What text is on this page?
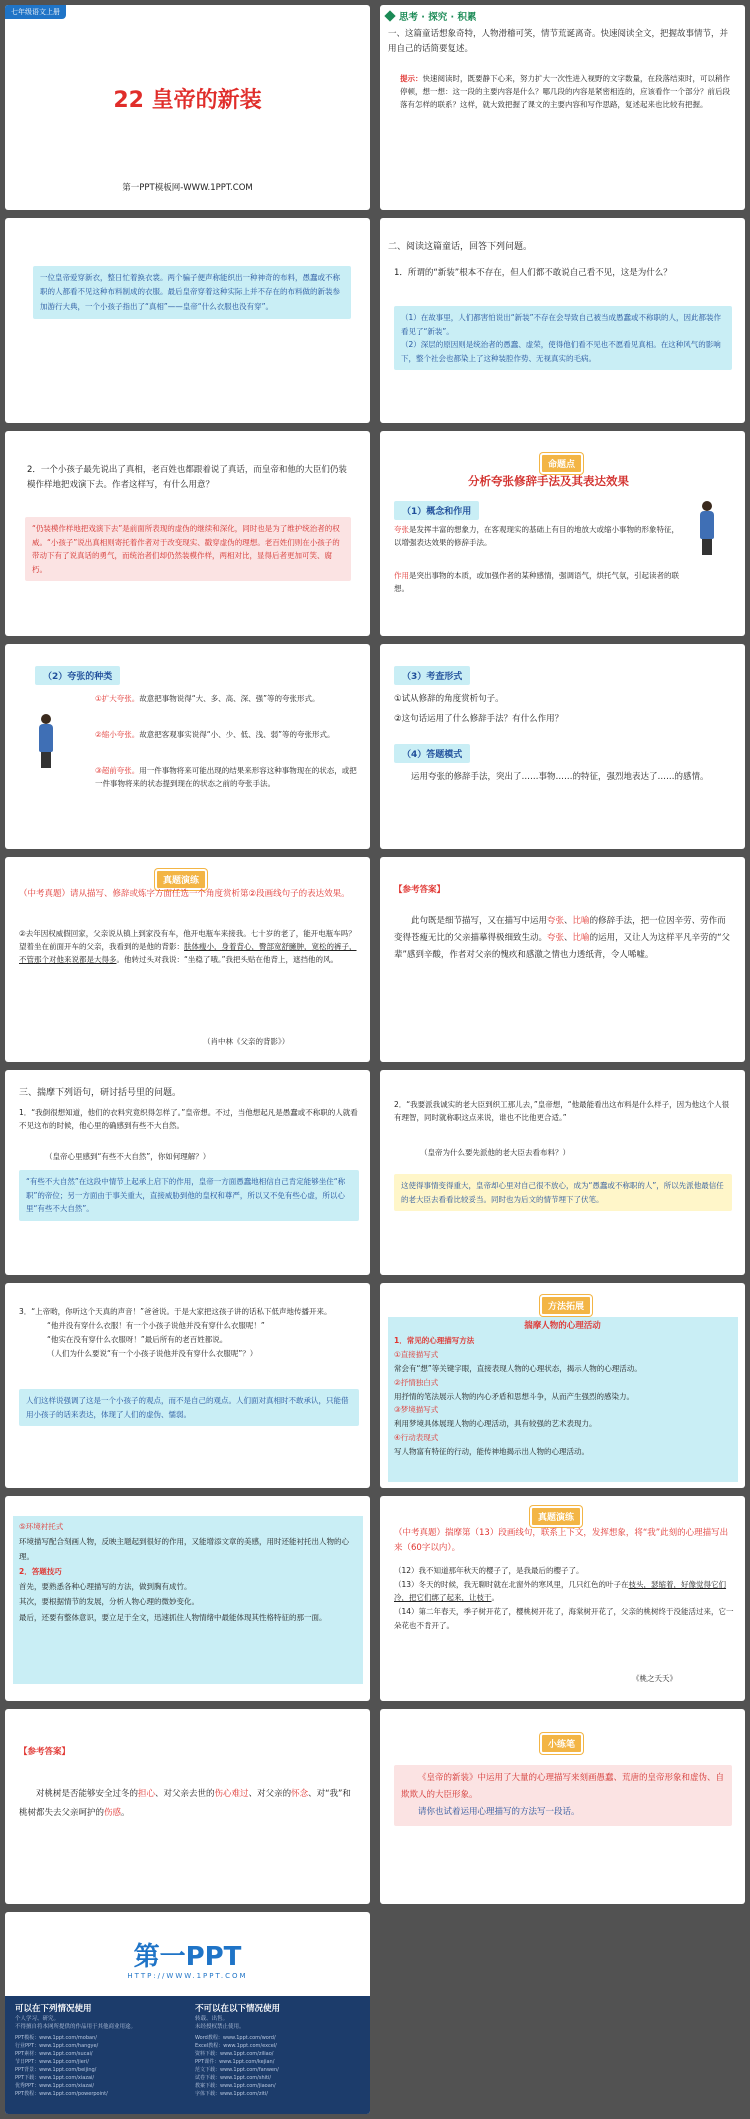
七年级语文上册
22 皇帝的新装
第一PPT模板网-WWW.1PPT.COM
思考 · 探究 · 积累
一、这篇童话想象奇特，人物滑稽可笑，情节荒诞离奇。快速阅读全文，把握故事情节，并用自己的话简要复述。
提示：快速阅读时，既要静下心来，努力扩大一次性进入视野的文字数量，在段落结束时，可以稍作停顿，想一想：这一段的主要内容是什么？哪几段的内容是紧密相连的，应该看作一个部分？前后段落有怎样的联系？这样，就大致把握了课文的主要内容和写作思路，复述起来也比较有把握。
一位皇帝爱穿新衣，整日忙着换衣裳。两个骗子便声称能织出一种神奇的布料，愚蠢或不称职的人都看不见这种布料制成的衣服。最后皇帝穿着这种实际上并不存在的布料做的新装参加游行大典，一个小孩子指出了“真相”——皇帝“什么衣服也没有穿”。
二、阅读这篇童话，回答下列问题。
1．所谓的“新装”根本不存在，但人们都不敢说自己看不见，这是为什么？

（1）在故事里，人们都害怕说出“新装”不存在会导致自己被当成愚蠢或不称职的人，因此都装作看见了“新装”。

（2）深层的原因则是统治者的愚蠢、虚荣，使得他们看不见也不愿看见真相。在这种风气的影响下，整个社会也都染上了这种装腔作势、无视真实的毛病。

2．一个小孩子最先说出了真相，老百姓也都跟着说了真话，而皇帝和他的大臣们仍装模作样地把戏演下去。作者这样写，有什么用意？
“仍装模作样地把戏演下去”是前面所表现的虚伪的继续和深化，同时也是为了维护统治者的权威。“小孩子”说出真相则寄托着作者对于改变现实、戳穿虚伪的理想。老百姓们则在小孩子的带动下有了说真话的勇气，而统治者们却仍然装模作样，两相对比，显得后者更加可笑、腐朽。
命题点
分析夸张修辞手法及其表达效果
（1）概念和作用
夸张是发挥丰富的想象力，在客观现实的基础上有目的地放大或缩小事物的形象特征，以增强表达效果的修辞手法。
作用是突出事物的本质，或加强作者的某种感情，强调语气，烘托气氛，引起读者的联想。
（2）夸张的种类
①扩大夸张。故意把事物说得“大、多、高、深、强”等的夸张形式。
②缩小夸张。故意把客观事实说得“小、少、低、浅、弱”等的夸张形式。
③超前夸张。用一件事物将来可能出现的结果来形容这种事物现在的状态，或把一件事物将来的状态提到现在的状态之前的夸张手法。
（3）考查形式
①试从修辞的角度赏析句子。
②这句话运用了什么修辞手法？有什么作用？
（4）答题模式
运用夸张的修辞手法，突出了……事物……的特征，强烈地表达了……的感情。
真题演练
（中考真题）请从描写、修辞或炼字方面任选一个角度赏析第②段画线句子的表达效果。
②去年因权威假回家，父亲说从镇上到家没有车，他开电瓶车来接我。七十岁的老了，能开电瓶车吗？望着坐在前面开车的父亲，我看到的是他的背影：肤体瘦小，身着背心，臀部宽舒臃肿，宽松的裤子，不管那个对他来说都是大得多。他转过头对我说：“坐稳了哦。”我把头贴在他背上，遮挡他的风。
（肖中林《父亲的背影》）
【参考答案】
此句既是细节描写，又在描写中运用夸张、比喻的修辞手法，把一位因辛劳、劳作而变得苍瘦无比的父亲描摹得极细致生动。夸张、比喻的运用，又让人为这样平凡辛劳的“父辈”感到辛酸，作者对父亲的愧疚和感激之情也力透纸背，令人唏嘘。
三、揣摩下列语句，研讨括号里的问题。
1．“我倒很想知道，他们的衣料究竟织得怎样了。”皇帝想。不过，当他想起凡是愚蠢或不称职的人就看不见这布的时候，他心里的确感到有些不大自然。
（皇帝心里感到“有些不大自然”，你如何理解？）
“有些不大自然”在这段中情节上起承上启下的作用，皇帝一方面愚蠢地相信自己肯定能够坐住“称职”的帝位；另一方面由于事关重大，直接威胁到他的皇权和尊严，所以又不免有些心虚，所以心里“有些不大自然”。
2．“我要派我诚实的老大臣到织工那儿去，”皇帝想，“他最能看出这布料是什么样子，因为他这个人很有理智，同时就称职这点来说，谁也不比他更合适。”
（皇帝为什么要先派他的老大臣去看布料？）
这使得事情变得重大，皇帝却心里对自己很不放心，成为“愚蠢或不称职的人”，所以先派他最信任的老大臣去看看比较妥当。同时也为后文的情节埋下了伏笔。

3．“上帝哟，你听这个天真的声音！”爸爸说。于是大家把这孩子讲的话私下低声地传播开来。

“他并没有穿什么衣服！有一个小孩子说他并没有穿什么衣服呢！”

“他实在没有穿什么衣服呀！”最后所有的老百姓都说。

（人们为什么要说“有一个小孩子说他并没有穿什么衣服呢”？）

人们这样说强调了这是一个小孩子的观点，而不是自己的观点。人们面对真相时不敢承认，只能借用小孩子的话来表达，体现了人们的虚伪、懦弱。
方法拓展
揣摩人物的心理活动

1．常见的心理描写方法

①直接描写式

常会有“想”等关键字眼，直接表现人物的心理状态，揭示人物的心理活动。

②抒情独白式

用抒情的笔法展示人物的内心矛盾和思想斗争，从而产生强烈的感染力。

③梦境描写式

利用梦境具体展现人物的心理活动，具有较强的艺术表现力。

④行动表现式

写人物富有特征的行动，能传神地揭示出人物的心理活动。

⑤环境衬托式

环境描写配合刻画人物，反映主题起到很好的作用，又能增添文章的美感，用时还能衬托出人物的心理。

2．答题技巧

首先，要熟悉各种心理描写的方法，做到胸有成竹。

其次，要根据情节的发展，分析人物心理的微妙变化。

最后，还要有整体意识，要立足于全文，迅速抓住人物情绪中最能体现其性格特征的那一面。

真题演练
（中考真题）揣摩第（13）段画线句，联系上下文，发挥想象，将“我”此刻的心理描写出来（60字以内）。

（12）我不知道那年秋天的樱子了，是我最后的樱子了。

（13）冬天的时候，我无聊时就在北窗外的寒风里，几只红色的叶子在枝头，瑟缩着，好像觉得它们冷，把它们绑了起来，让枝干。

（14）第二年春天，季子树开花了，樱桃树开花了，海棠树开花了，父亲的桃树终于没能活过来，它一朵花也不肯开了。

《桃之夭夭》
【参考答案】
对桃树是否能够安全过冬的担心、对父亲去世的伤心难过、对父亲的怀念、对“我”和桃树都失去父亲呵护的伤感。
小练笔

《皇帝的新装》中运用了大量的心理描写来刻画愚蠢、荒唐的皇帝形象和虚伪、自欺欺人的大臣形象。

请你也试着运用心理描写的方法写一段话。

第一PPT
HTTP://WWW.1PPT.COM
可以在下列情况使用
个人学习、研究。
不得擅自将本网所提供的作品用于其他商业用途。
PPT模板：www.1ppt.com/moban/
行业PPT：www.1ppt.com/hangye/
PPT素材：www.1ppt.com/sucai/
节日PPT：www.1ppt.com/jieri/
PPT背景：www.1ppt.com/beijing/
PPT下载：www.1ppt.com/xiazai/
优秀PPT：www.1ppt.com/xiazai/
PPT教程：www.1ppt.com/powerpoint/
不可以在以下情况使用
转载、出售。
未经授权禁止使用。
Word教程：www.1ppt.com/word/
Excel教程：www.1ppt.com/excel/
资料下载：www.1ppt.com/ziliao/
PPT课件：www.1ppt.com/kejian/
范文下载：www.1ppt.com/fanwen/
试卷下载：www.1ppt.com/shiti/
教案下载：www.1ppt.com/jiaoan/
字体下载：www.1ppt.com/ziti/
